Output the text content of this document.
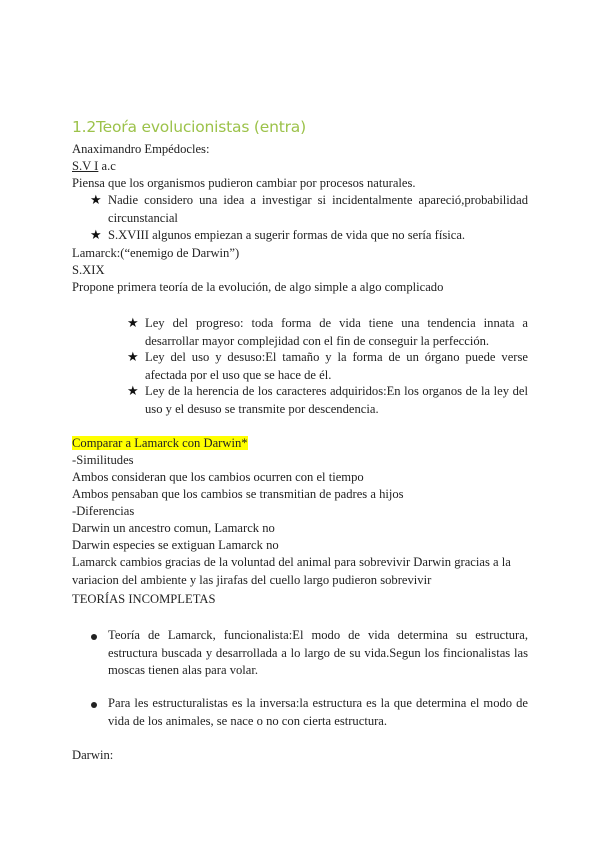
1.2Teoŕa evolucionistas (entra)
Anaximandro Empédocles:
S.V I a.c
Piensa que los organismos pudieron cambiar por procesos naturales.
★ Nadie considero una idea a investigar si incidentalmente apareció,probabilidad circunstancial
★ S.XVIII algunos empiezan a sugerir formas de vida que no sería física.
Lamarck:(“enemigo de Darwin”)
S.XIX
Propone primera teoría de la evolución, de algo simple a algo complicado
★ Ley del progreso: toda forma de vida tiene una tendencia innata a desarrollar mayor complejidad con el fin de conseguir la perfección.
★ Ley del uso y desuso:El tamaño y la forma de un órgano puede verse afectada por el uso que se hace de él.
★ Ley de la herencia de los caracteres adquiridos:En los organos de la ley del uso y el desuso se transmite por descendencia.
Comparar a Lamarck con Darwin*
-Similitudes
Ambos consideran que los cambios ocurren con el tiempo
Ambos pensaban que los cambios se transmitian de padres a hijos
-Diferencias
Darwin un ancestro comun, Lamarck no
Darwin especies se extiguan Lamarck no
Lamarck cambios gracias de la voluntad del animal para sobrevivir Darwin gracias a la variacion del ambiente y las jirafas del cuello largo pudieron sobrevivir
TEORÍAS INCOMPLETAS
Teoría de Lamarck, funcionalista:El modo de vida determina su estructura, estructura buscada y desarrollada a lo largo de su vida.Segun los fincionalistas las moscas tienen alas para volar.
Para les estructuralistas es la inversa:la estructura es la que determina el modo de vida de los animales, se nace o no con cierta estructura.
Darwin:
